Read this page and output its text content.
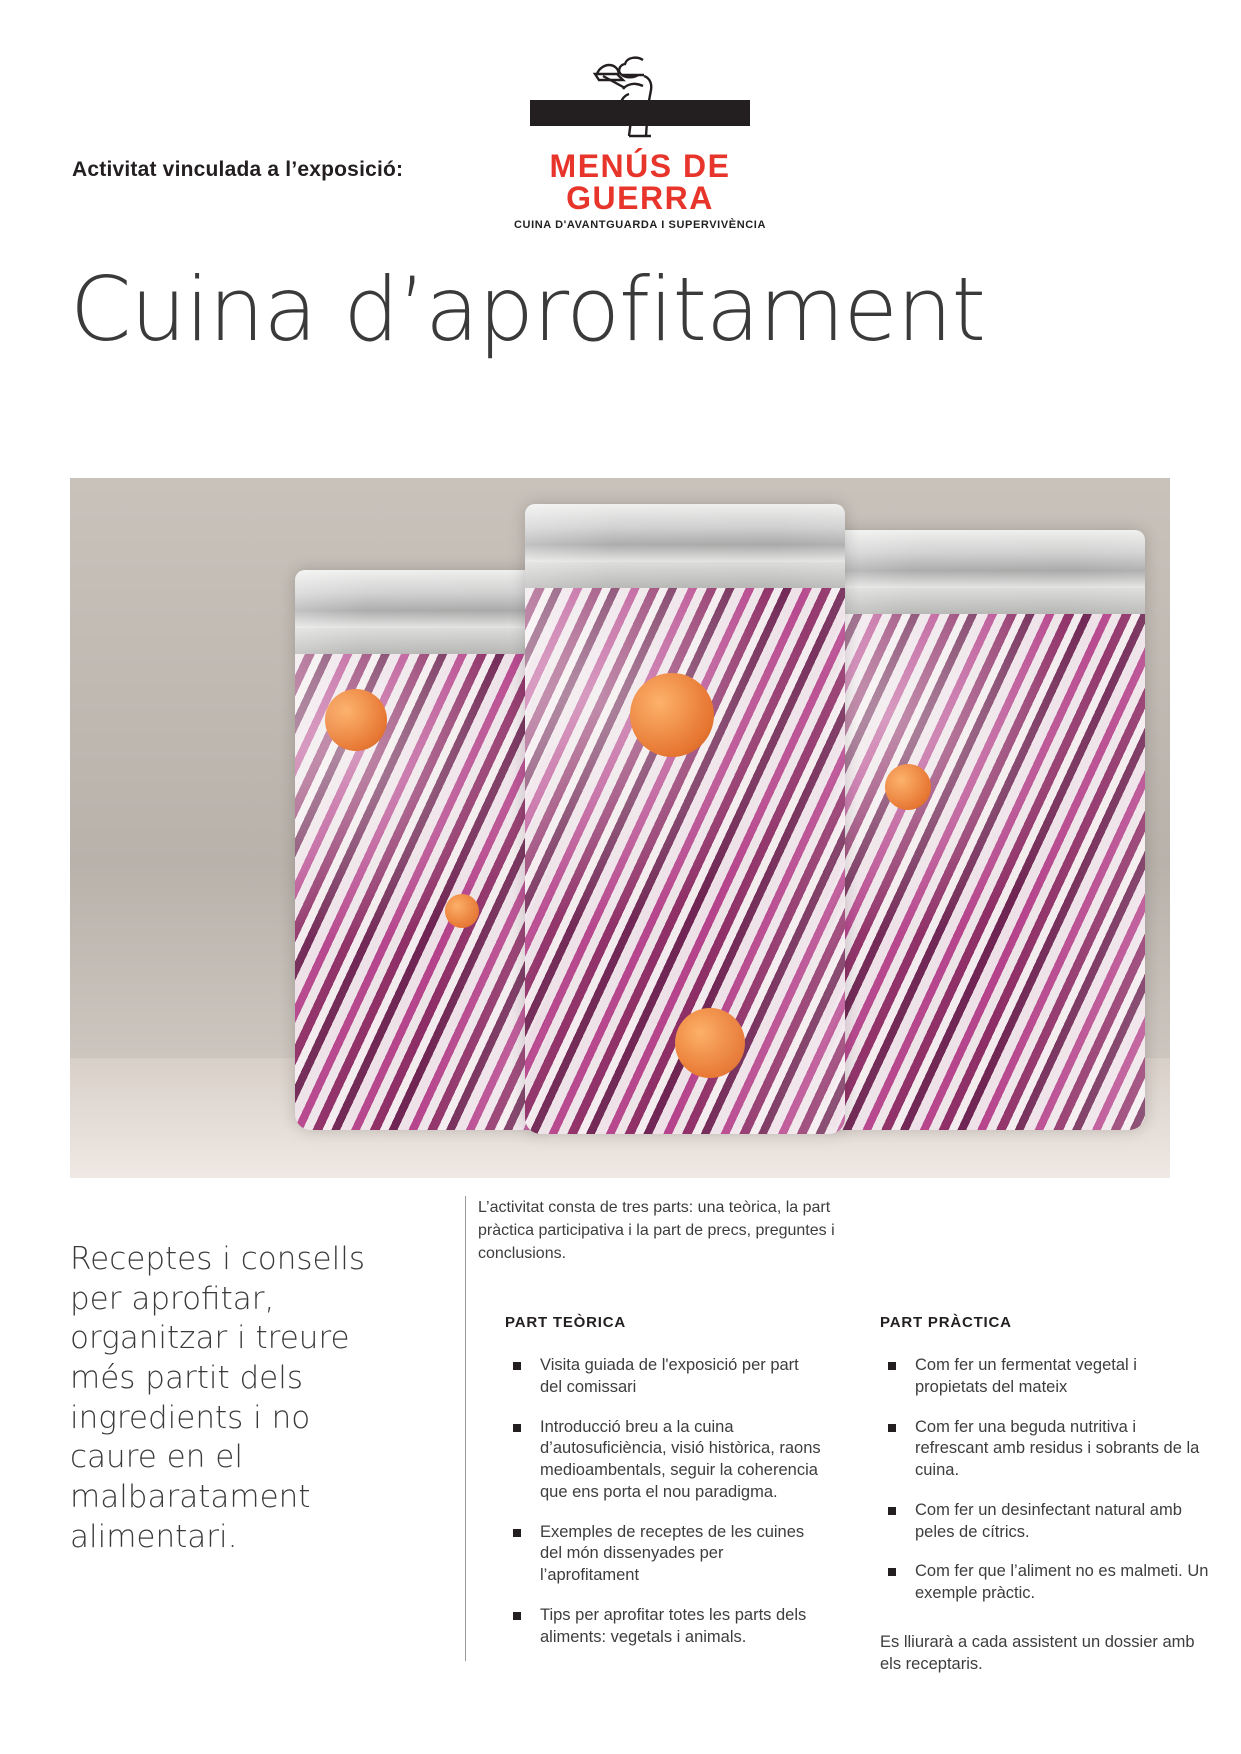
Activitat vinculada a l’exposició:	MENÚS DE GUERRA
CUINA D'AVANTGUARDA I SUPERVIVÈNCIA
Cuina d’aprofitament
Receptes i consells per aprofitar, organitzar i treure més partit dels ingredients i no caure en el malbaratament alimentari.
L’activitat consta de tres parts: una teòrica, la part pràctica participativa i la part de precs, preguntes i conclusions.
PART TEÒRICA
Visita guiada de l'exposició per part del comissari
Introducció breu a la cuina d’autosuficiència, visió històrica, raons medioambentals, seguir la coherencia que ens porta el nou paradigma.
Exemples de receptes de les cuines del món dissenyades per l’aprofitament
Tips per aprofitar totes les parts dels aliments: vegetals i animals.
PART PRÀCTICA
Com fer un fermentat vegetal i propietats del mateix
Com fer una beguda nutritiva i refrescant amb residus i sobrants de la cuina.
Com fer un desinfectant natural amb peles de cítrics.
Com fer que l’aliment no es malmeti. Un exemple pràctic.
Es lliurarà a cada assistent un dossier amb els receptaris.
